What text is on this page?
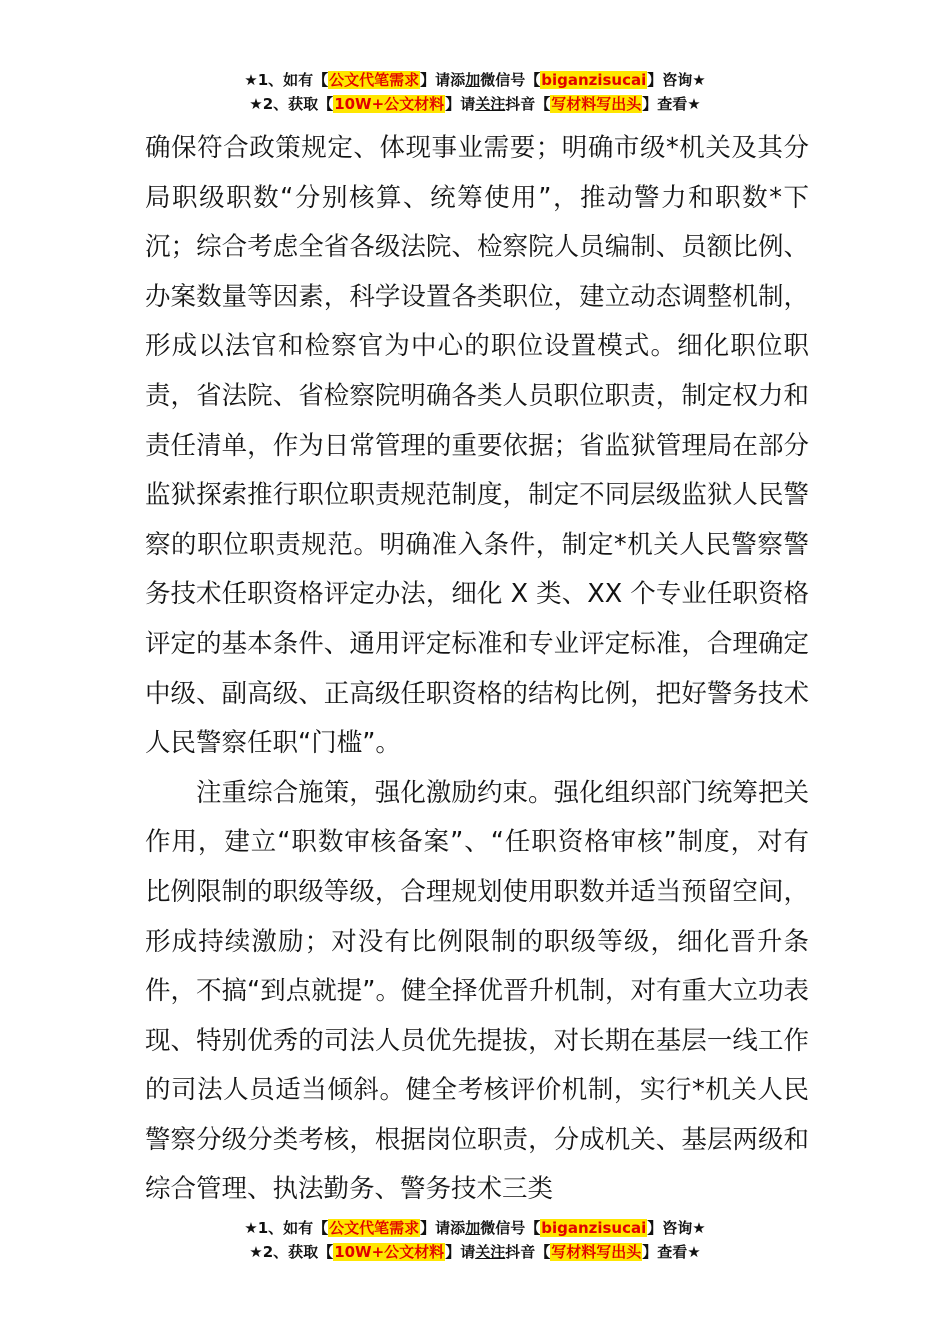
★1、如有【公文代笔需求】请添加微信号【biganzisucai】咨询★
★2、获取【10W+公文材料】请关注抖音【写材料写出头】查看★

确保符合政策规定、体现事业需要；明确市级*机关及其分局职级职数“分别核算、统筹使用”，推动警力和职数*下沉；综合考虑全省各级法院、检察院人员编制、员额比例、办案数量等因素，科学设置各类职位，建立动态调整机制，形成以法官和检察官为中心的职位设置模式。细化职位职责，省法院、省检察院明确各类人员职位职责，制定权力和责任清单，作为日常管理的重要依据；省监狱管理局在部分监狱探索推行职位职责规范制度，制定不同层级监狱人民警察的职位职责规范。明确准入条件，制定*机关人民警察警务技术任职资格评定办法，细化 X 类、XX 个专业任职资格评定的基本条件、通用评定标准和专业评定标准，合理确定中级、副高级、正高级任职资格的结构比例，把好警务技术人民警察任职“门槛”。

注重综合施策，强化激励约束。强化组织部门统筹把关作用，建立“职数审核备案”、“任职资格审核”制度，对有比例限制的职级等级，合理规划使用职数并适当预留空间，形成持续激励；对没有比例限制的职级等级，细化晋升条件，不搞“到点就提”。健全择优晋升机制，对有重大立功表现、特别优秀的司法人员优先提拔，对长期在基层一线工作的司法人员适当倾斜。健全考核评价机制，实行*机关人民警察分级分类考核，根据岗位职责，分成机关、基层两级和综合管理、执法勤务、警务技术三类

★1、如有【公文代笔需求】请添加微信号【biganzisucai】咨询★
★2、获取【10W+公文材料】请关注抖音【写材料写出头】查看★
